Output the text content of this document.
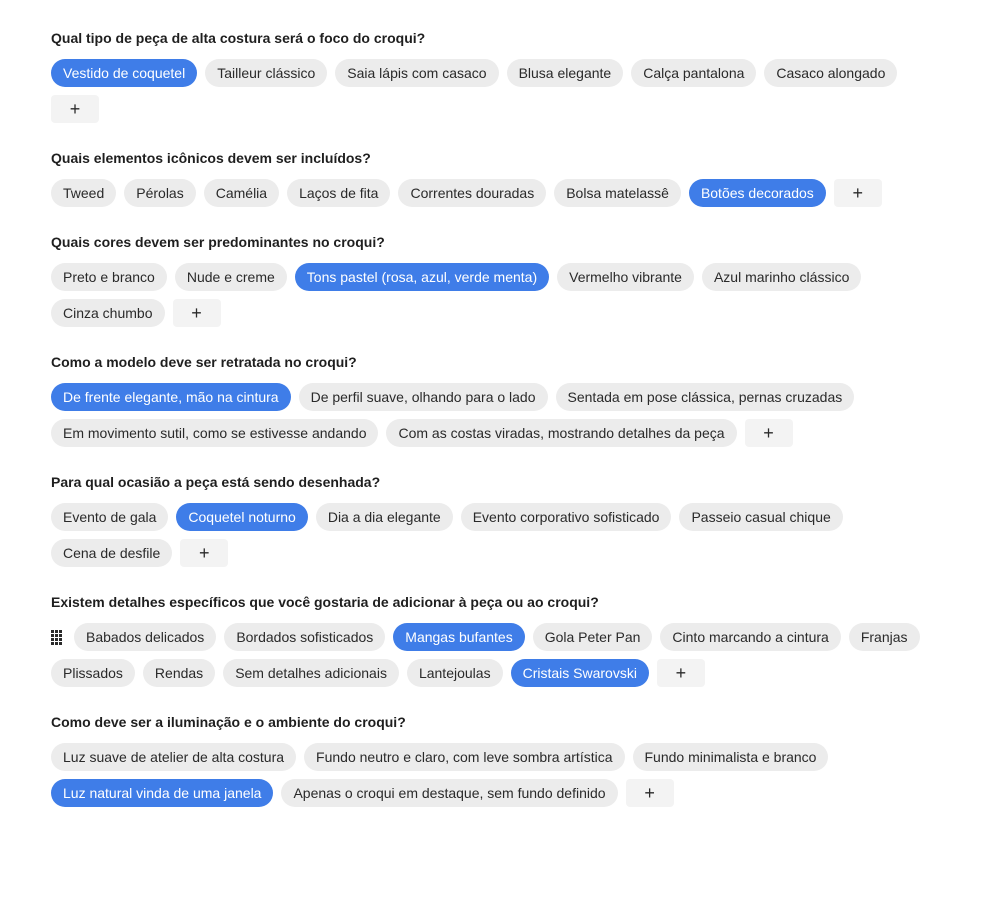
Qual tipo de peça de alta costura será o foco do croqui?
Vestido de coquetel	Tailleur clássico	Saia lápis com casaco	Blusa elegante	Calça pantalona	Casaco alongado
+
Quais elementos icônicos devem ser incluídos?
Tweed	Pérolas	Camélia	Laços de fita	Correntes douradas	Bolsa matelassê	Botões decorados	+
Quais cores devem ser predominantes no croqui?
Preto e branco	Nude e creme	Tons pastel (rosa, azul, verde menta)	Vermelho vibrante	Azul marinho clássico
Cinza chumbo	+
Como a modelo deve ser retratada no croqui?
De frente elegante, mão na cintura	De perfil suave, olhando para o lado	Sentada em pose clássica, pernas cruzadas
Em movimento sutil, como se estivesse andando	Com as costas viradas, mostrando detalhes da peça	+
Para qual ocasião a peça está sendo desenhada?
Evento de gala	Coquetel noturno	Dia a dia elegante	Evento corporativo sofisticado	Passeio casual chique
Cena de desfile	+
Existem detalhes específicos que você gostaria de adicionar à peça ou ao croqui?
Babados delicados	Bordados sofisticados	Mangas bufantes	Gola Peter Pan	Cinto marcando a cintura	Franjas
Plissados	Rendas	Sem detalhes adicionais	Lantejoulas	Cristais Swarovski	+
Como deve ser a iluminação e o ambiente do croqui?
Luz suave de atelier de alta costura	Fundo neutro e claro, com leve sombra artística	Fundo minimalista e branco
Luz natural vinda de uma janela	Apenas o croqui em destaque, sem fundo definido	+
